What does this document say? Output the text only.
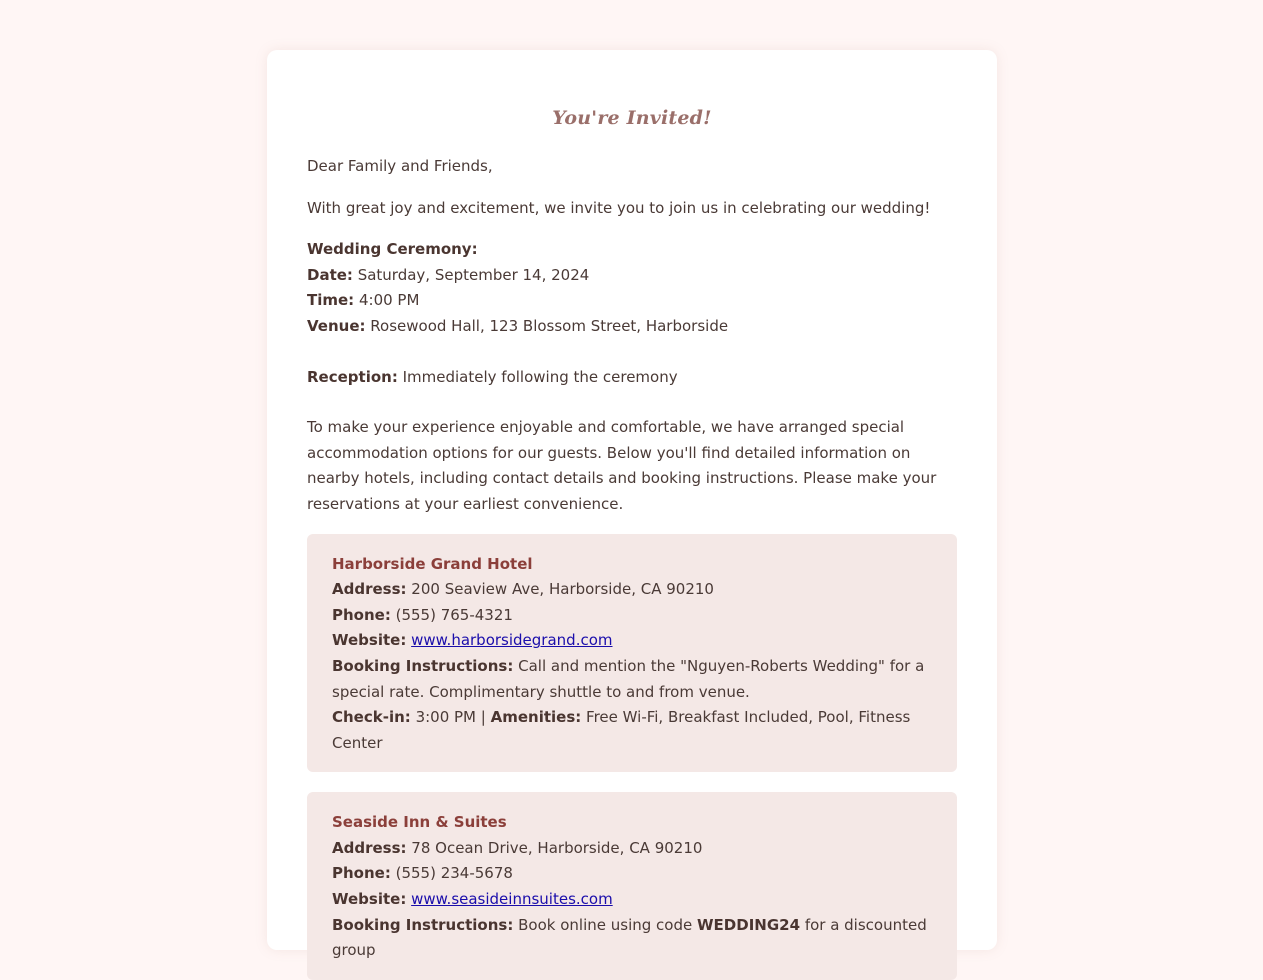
You're Invited!

Dear Family and Friends,

With great joy and excitement, we invite you to join us in celebrating our wedding!

Wedding Ceremony:
Date: Saturday, September 14, 2024
Time: 4:00 PM
Venue: Rosewood Hall, 123 Blossom Street, Harborside

Reception: Immediately following the ceremony

To make your experience enjoyable and comfortable, we have arranged special accommodation options for our guests. Below you'll find detailed information on nearby hotels, including contact details and booking instructions. Please make your reservations at your earliest convenience.

Harborside Grand Hotel
Address: 200 Seaview Ave, Harborside, CA 90210
Phone: (555) 765-4321
Website: www.harborsidegrand.com
Booking Instructions: Call and mention the "Nguyen-Roberts Wedding" for a special rate. Complimentary shuttle to and from venue.
Check-in: 3:00 PM | Amenities: Free Wi-Fi, Breakfast Included, Pool, Fitness Center

Seaside Inn & Suites
Address: 78 Ocean Drive, Harborside, CA 90210
Phone: (555) 234-5678
Website: www.seasideinnsuites.com
Booking Instructions: Book online using code WEDDING24 for a discounted group
